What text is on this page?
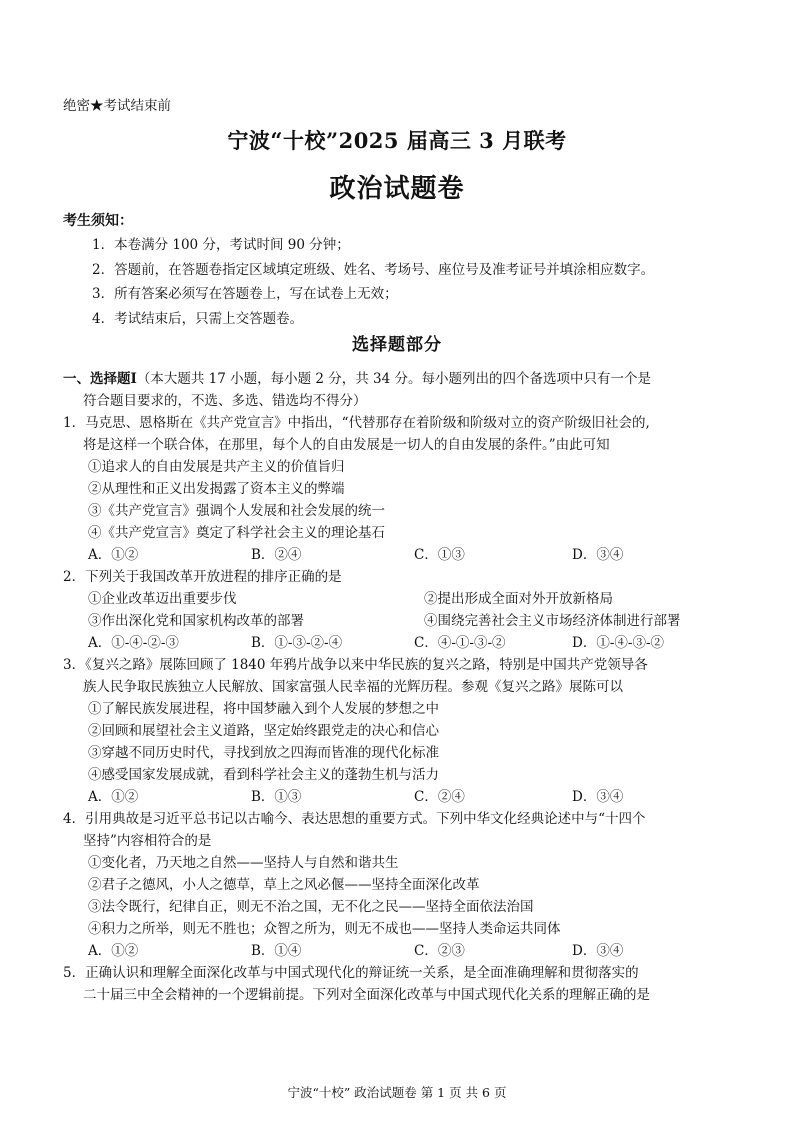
绝密★考试结束前
宁波“十校”2025 届高三 3 月联考
政治试题卷
考生须知：
1．本卷满分 100 分，考试时间 90 分钟；
2．答题前，在答题卷指定区域填定班级、姓名、考场号、座位号及准考证号并填涂相应数字。
3．所有答案必须写在答题卷上，写在试卷上无效；
4．考试结束后，只需上交答题卷。
选择题部分
一、选择题Ⅰ（本大题共 17 小题，每小题 2 分，共 34 分。每小题列出的四个备选项中只有一个是
符合题目要求的，不选、多选、错选均不得分）
1．马克思、恩格斯在《共产党宣言》中指出，“代替那存在着阶级和阶级对立的资产阶级旧社会的,
将是这样一个联合体，在那里，每个人的自由发展是一切人的自由发展的条件。”由此可知
①追求人的自由发展是共产主义的价值旨归
②从理性和正义出发揭露了资本主义的弊端
③《共产党宣言》强调个人发展和社会发展的统一
④《共产党宣言》奠定了科学社会主义的理论基石
A．①②	B．②④	C．①③	D．③④
2．下列关于我国改革开放进程的排序正确的是
①企业改革迈出重要步伐	②提出形成全面对外开放新格局
③作出深化党和国家机构改革的部署	④围绕完善社会主义市场经济体制进行部署
A．①-④-②-③	B．①-③-②-④	C．④-①-③-②	D．①-④-③-②
3．《复兴之路》展陈回顾了 1840 年鸦片战争以来中华民族的复兴之路，特别是中国共产党领导各
族人民争取民族独立人民解放、国家富强人民幸福的光辉历程。参观《复兴之路》展陈可以
①了解民族发展进程，将中国梦融入到个人发展的梦想之中
②回顾和展望社会主义道路，坚定始终跟党走的决心和信心
③穿越不同历史时代，寻找到放之四海而皆准的现代化标准
④感受国家发展成就，看到科学社会主义的蓬勃生机与活力
A．①②	B．①③	C．②④	D．③④
4．引用典故是习近平总书记以古喻今、表达思想的重要方式。下列中华文化经典论述中与“十四个
坚持”内容相符合的是
①变化者，乃天地之自然——坚持人与自然和谐共生
②君子之德风，小人之德草，草上之风必偃——坚持全面深化改革
③法令既行，纪律自正，则无不治之国，无不化之民——坚持全面依法治国
④积力之所举，则无不胜也；众智之所为，则无不成也——坚持人类命运共同体
A．①②	B．①④	C．②③	D．③④
5．正确认识和理解全面深化改革与中国式现代化的辩证统一关系，是全面准确理解和贯彻落实的
二十届三中全会精神的一个逻辑前提。下列对全面深化改革与中国式现代化关系的理解正确的是
宁波“十校” 政治试题卷 第 1 页 共 6 页
